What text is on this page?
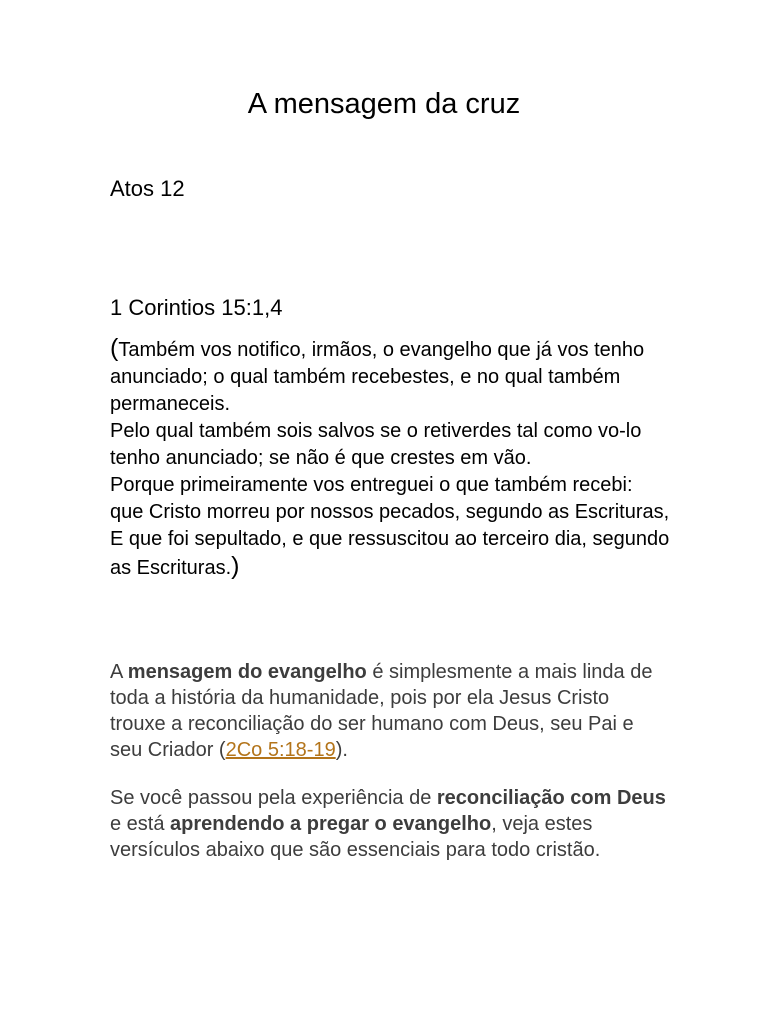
A mensagem da cruz
Atos 12
1 Corintios 15:1,4

(Também vos notifico, irmãos, o evangelho que já vos tenho anunciado; o qual também recebestes, e no qual também permaneceis.

Pelo qual também sois salvos se o retiverdes tal como vo-lo tenho anunciado; se não é que crestes em vão.

Porque primeiramente vos entreguei o que também recebi: que Cristo morreu por nossos pecados, segundo as Escrituras,

E que foi sepultado, e que ressuscitou ao terceiro dia, segundo as Escrituras.)

A mensagem do evangelho é simplesmente a mais linda de toda a história da humanidade, pois por ela Jesus Cristo trouxe a reconciliação do ser humano com Deus, seu Pai e seu Criador (2Co 5:18-19).
Se você passou pela experiência de reconciliação com Deus e está aprendendo a pregar o evangelho, veja estes versículos abaixo que são essenciais para todo cristão.
